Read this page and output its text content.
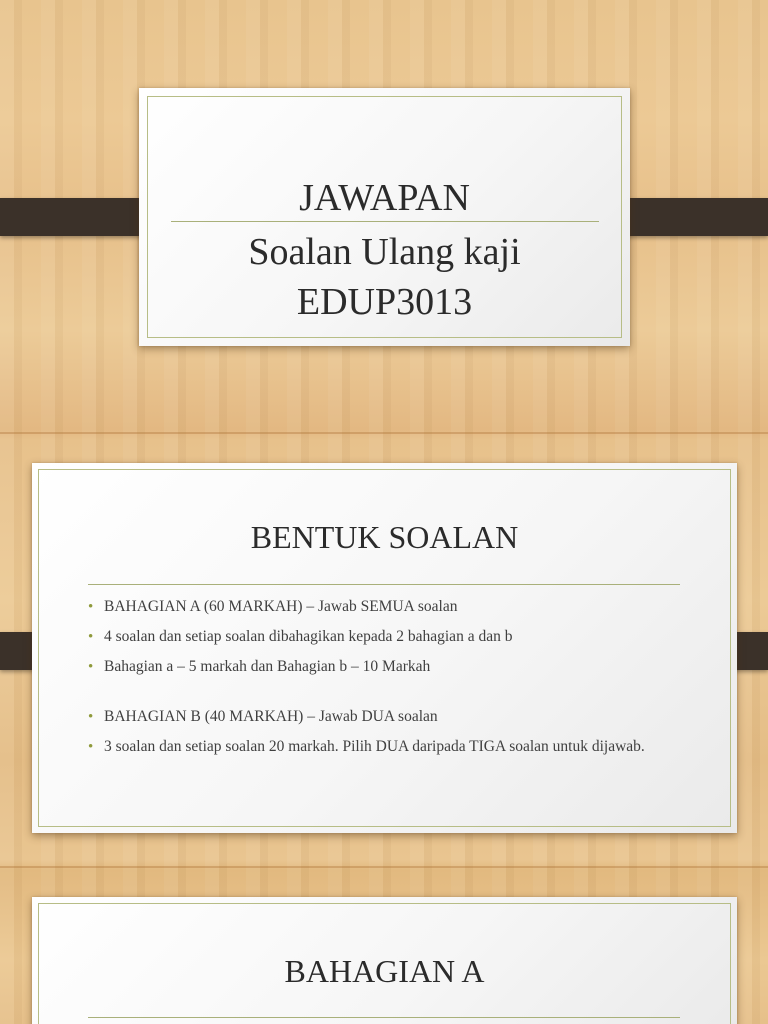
JAWAPAN
Soalan Ulang kaji
EDUP3013
BENTUK SOALAN
• BAHAGIAN A (60 MARKAH) – Jawab SEMUA soalan
• 4 soalan dan setiap soalan dibahagikan kepada 2 bahagian a dan b
• Bahagian a – 5 markah dan Bahagian b – 10 Markah
• BAHAGIAN B (40 MARKAH) – Jawab DUA soalan
• 3 soalan dan setiap soalan 20 markah. Pilih DUA daripada TIGA soalan untuk dijawab.
BAHAGIAN A
